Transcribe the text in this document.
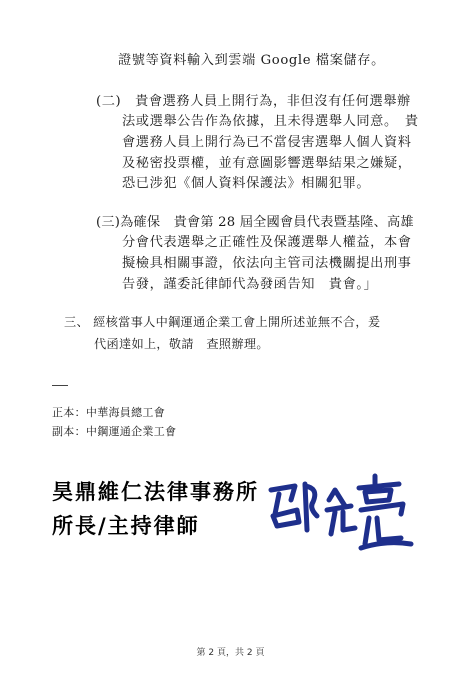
證號等資料輸入到雲端 Google 檔案儲存。
(二)　貴會選務人員上開行為，非但沒有任何選舉辦
法或選舉公告作為依據，且未得選舉人同意。　貴
會選務人員上開行為已不當侵害選舉人個人資料
及秘密投票權，並有意圖影響選舉結果之嫌疑，
恐已涉犯《個人資料保護法》相關犯罪。
(三)為確保　貴會第 28 屆全國會員代表暨基隆、高雄
分會代表選舉之正確性及保護選舉人權益，本會
擬檢具相關事證，依法向主管司法機關提出刑事
告發，謹委託律師代為發函告知　貴會。」
三、 經核當事人中鋼運通企業工會上開所述並無不合，爰
代函達如上，敬請　查照辦理。
正本：中華海員總工會
副本：中鋼運通企業工會
昊鼎維仁法律事務所
所長/主持律師
第 2 頁，共 2 頁
